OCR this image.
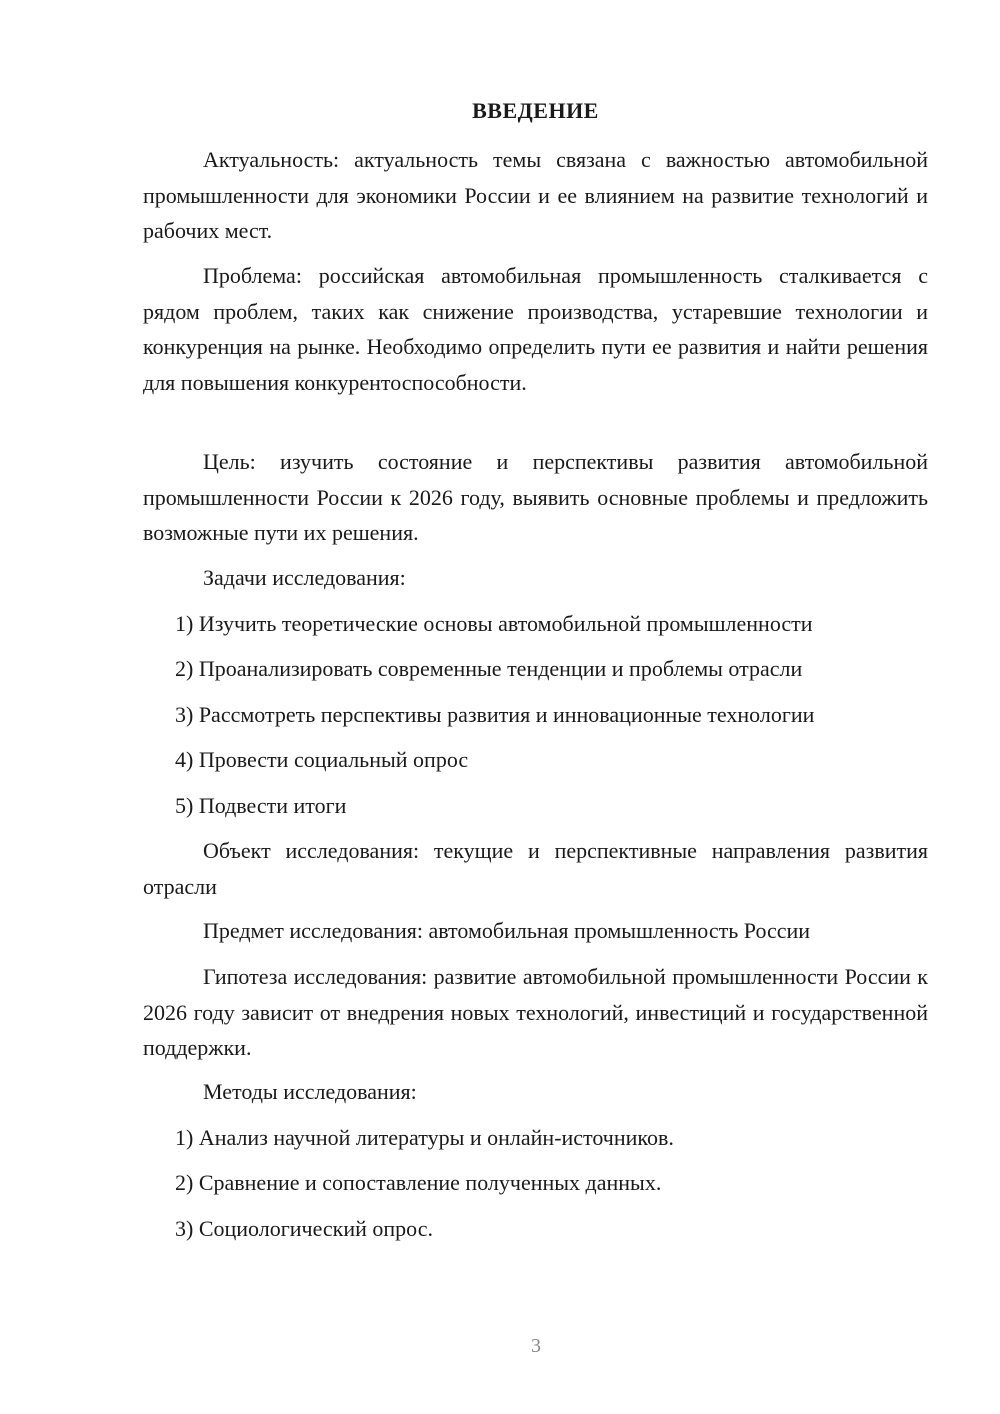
ВВЕДЕНИЕ

Актуальность: актуальность темы связана с важностью автомобильной промышленности для экономики России и ее влиянием на развитие технологий и рабочих мест.

Проблема: российская автомобильная промышленность сталкивается с рядом проблем, таких как снижение производства, устаревшие технологии и конкуренция на рынке. Необходимо определить пути ее развития и найти решения для повышения конкурентоспособности.

Цель: изучить состояние и перспективы развития автомобильной промышленности России к 2026 году, выявить основные проблемы и предложить возможные пути их решения.

Задачи исследования:
1) Изучить теоретические основы автомобильной промышленности
2) Проанализировать современные тенденции и проблемы отрасли
3) Рассмотреть перспективы развития и инновационные технологии
4) Провести социальный опрос
5) Подвести итоги

Объект исследования: текущие и перспективные направления развития отрасли

Предмет исследования: автомобильная промышленность России

Гипотеза исследования: развитие автомобильной промышленности России к 2026 году зависит от внедрения новых технологий, инвестиций и государственной поддержки.

Методы исследования:
1) Анализ научной литературы и онлайн-источников.
2) Сравнение и сопоставление полученных данных.
3) Социологический опрос.
3
